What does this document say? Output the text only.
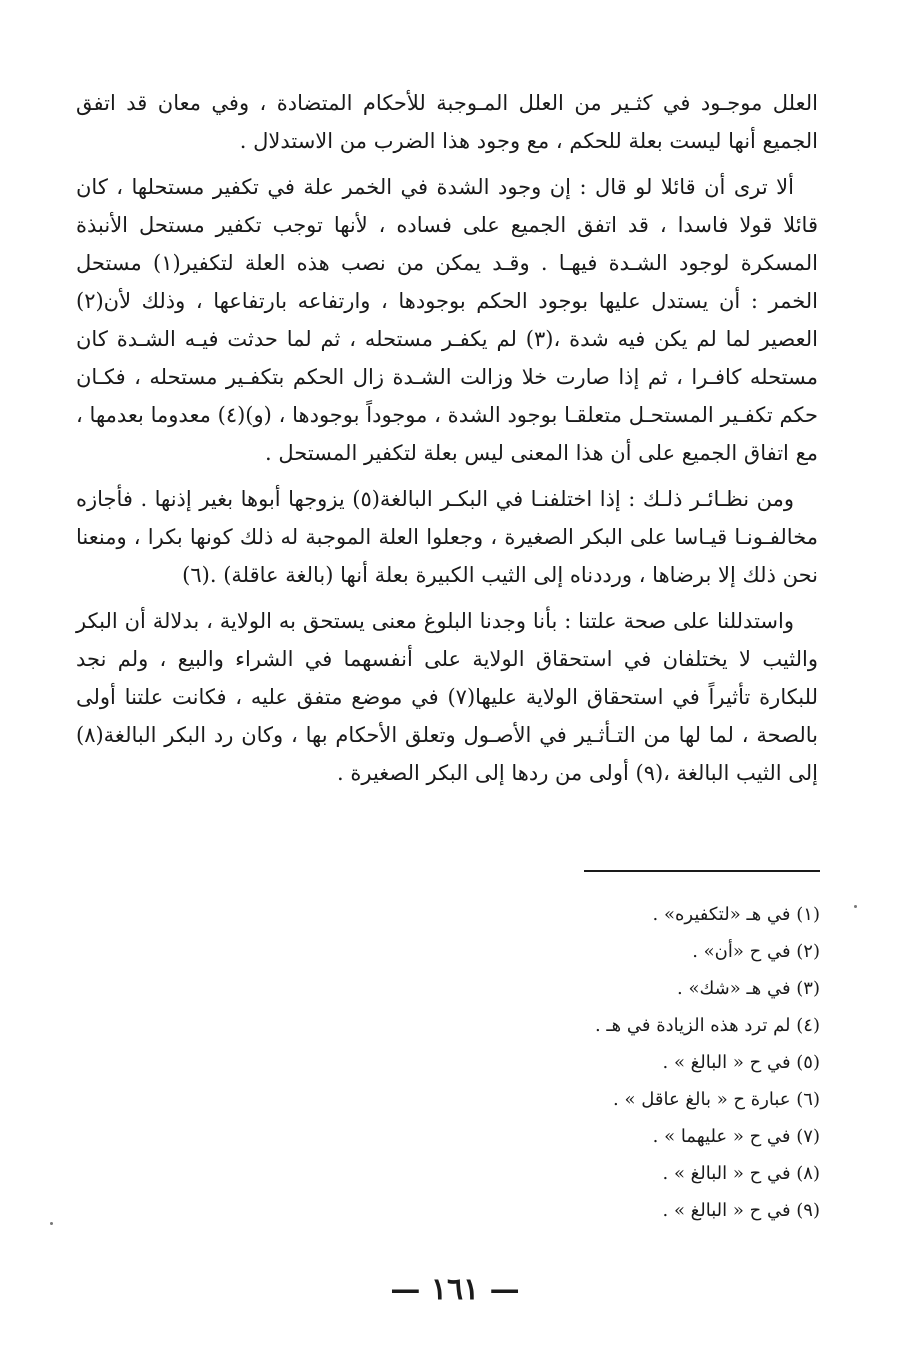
العلل موجـود في كثـير من العلل المـوجبة للأحكام المتضادة ، وفي معان قد اتفق الجميع أنها ليست بعلة للحكم ، مع وجود هذا الضرب من الاستدلال .

ألا ترى أن قائلا لو قال : إن وجود الشدة في الخمر علة في تكفير مستحلها ، كان قائلا قولا فاسدا ، قد اتفق الجميع على فساده ، لأنها توجب تكفير مستحل الأنبذة المسكرة لوجود الشـدة فيهـا . وقـد يمكن من نصب هذه العلة لتكفير(١) مستحل الخمر : أن يستدل عليها بوجود الحكم بوجودها ، وارتفاعه بارتفاعها ، وذلك لأن(٢) العصير لما لم يكن فيه شدة ،(٣) لم يكفـر مستحله ، ثم لما حدثت فيـه الشـدة كان مستحله كافـرا ، ثم إذا صارت خلا وزالت الشـدة زال الحكم بتكفـير مستحله ، فكـان حكم تكفـير المستحـل متعلقـا بوجود الشدة ، موجوداً بوجودها ، (و)(٤) معدوما بعدمها ، مع اتفاق الجميع على أن هذا المعنى ليس بعلة لتكفير المستحل .

ومن نظـائـر ذلـك : إذا اختلفنـا في البكـر البالغة(٥) يزوجها أبوها بغير إذنها . فأجازه مخالفـونـا قيـاسا على البكر الصغيرة ، وجعلوا العلة الموجبة له ذلك كونها بكرا ، ومنعنا نحن ذلك إلا برضاها ، ورددناه إلى الثيب الكبيرة بعلة أنها (بالغة عاقلة) .(٦)

واستدللنا على صحة علتنا : بأنا وجدنا البلوغ معنى يستحق به الولاية ، بدلالة أن البكر والثيب لا يختلفان في استحقاق الولاية على أنفسهما في الشراء والبيع ، ولم نجد للبكارة تأثيراً في استحقاق الولاية عليها(٧) في موضع متفق عليه ، فكانت علتنا أولى بالصحة ، لما لها من التـأثـير في الأصـول وتعلق الأحكام بها ، وكان رد البكر البالغة(٨) إلى الثيب البالغة ،(٩) أولى من ردها إلى البكر الصغيرة .

(١) في هـ «لتكفيره» .
(٢) في ح «أن» .
(٣) في هـ «شك» .
(٤) لم ترد هذه الزيادة في هـ .
(٥) في ح « البالغ » .
(٦) عبارة ح « بالغ عاقل » .
(٧) في ح « عليهما » .
(٨) في ح « البالغ » .
(٩) في ح « البالغ » .
— ١٦١ —
